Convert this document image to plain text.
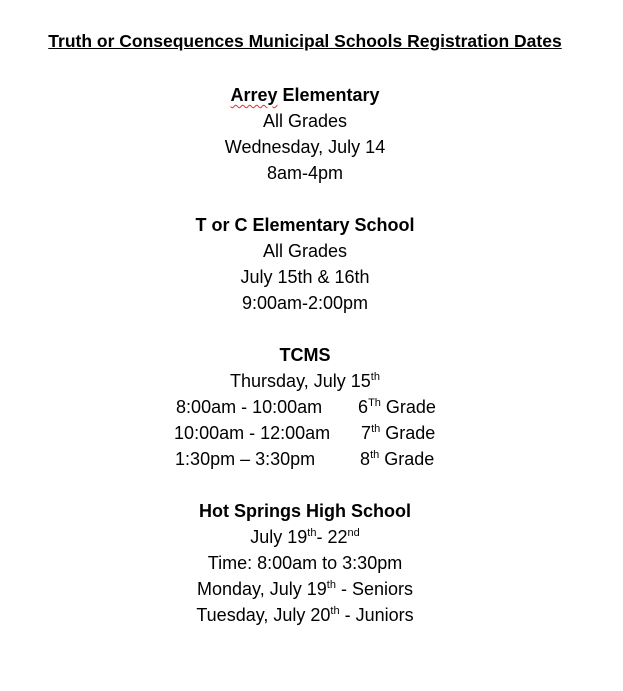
Truth or Consequences Municipal Schools Registration Dates
Arrey Elementary
All Grades
Wednesday, July 14
8am-4pm
T or C Elementary School
All Grades
July 15th & 16th
9:00am-2:00pm
TCMS
Thursday, July 15th
8:00am - 10:00am 6Th Grade
10:00am - 12:00am 7th Grade
1:30pm – 3:30pm 8th Grade
Hot Springs High School
July 19th- 22nd
Time: 8:00am to 3:30pm
Monday, July 19th - Seniors
Tuesday, July 20th - Juniors
